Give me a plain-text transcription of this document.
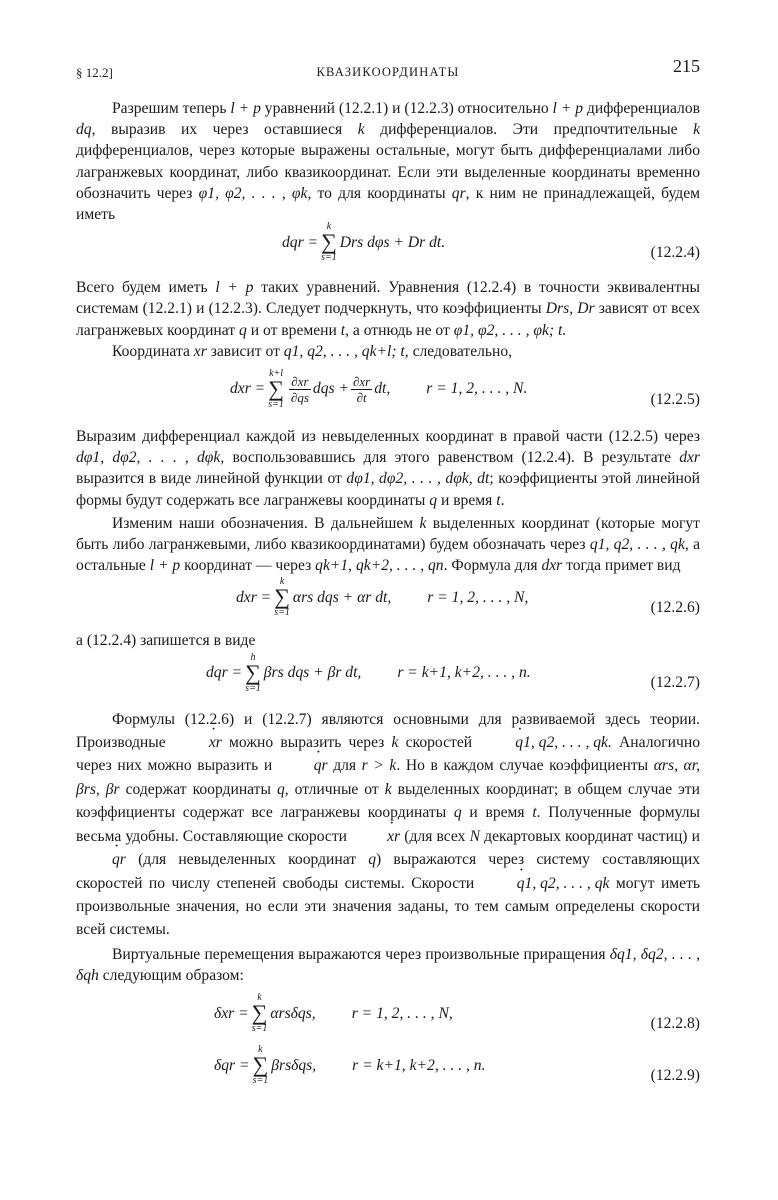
§ 12.2]	КВАЗИКООРДИНАТЫ	215

Разрешим теперь l + p уравнений (12.2.1) и (12.2.3) относительно l + p дифференциалов dq, выразив их через оставшиеся k дифференциалов. Эти предпочтительные k дифференциалов, через которые выражены остальные, могут быть дифференциалами либо лагранжевых координат, либо квазикоординат. Если эти выделенные координаты временно обозначить через φ1, φ2, . . . , φk, то для координаты qr, к ним не принадлежащей, будем иметь

dqr =
k
∑
s=1
Drs dφs + Dr dt.
(12.2.4)

Всего будем иметь l + p таких уравнений. Уравнения (12.2.4) в точности эквивалентны системам (12.2.1) и (12.2.3). Следует подчеркнуть, что коэффициенты Drs, Dr зависят от всех лагранжевых координат q и от времени t, а отнюдь не от φ1, φ2, . . . , φk; t.

Координата xr зависит от q1, q2, . . . , qk+l; t, следовательно,

dxr =
k+l
∑
$s=1 \frac{\partial xr}{\partial qs}$ dqs + $\frac{\partial xr}{\partial t}$ dt, r = 1, 2, . . . , N.
(12.2.5)

Выразим дифференциал каждой из невыделенных координат в правой части (12.2.5) через dφ1, dφ2, . . . , dφk, воспользовавшись для этого равенством (12.2.4). В результате dxr выразится в виде линейной функции от dφ1, dφ2, . . . , dφk, dt; коэффициенты этой линейной формы будут содержать все лагранжевы координаты q и время t.

Изменим наши обозначения. В дальнейшем k выделенных координат (которые могут быть либо лагранжевыми, либо квазикоординатами) будем обозначать через q1, q2, . . . , qk, а остальные l + p координат — через qk+1, qk+2, . . . , qn. Формула для dxr тогда примет вид

dxr =
k
∑
s=1
αrs dqs + αr dt, r = 1, 2, . . . , N,
(12.2.6)

а (12.2.4) запишется в виде

dqr =
h
∑
s=1
βrs dqs + βr dt, r = k+1, k+2, . . . , n.
(12.2.7)

Формулы (12.2.6) и (12.2.7) являются основными для развиваемой здесь теории. Производные	· xr можно выразить через k скоростей	· q1, q2, . . . , qk. Аналогично через них можно выразить и	· qr для r > k. Но в каждом случае коэффициенты αrs, αr, βrs, βr содержат координаты q, отличные от k выделенных координат; в общем случае эти коэффициенты содержат все лагранжевы координаты q и время t. Полученные формулы весьма удобны. Составляющие скорости	· xr (для всех N декартовых координат частиц) и · qr (для невыделенных координат q) выражаются через систему составляющих скоростей по числу степеней свободы системы. Скорости	· q1, q2, . . . , qk могут иметь произвольные значения, но если эти значения заданы, то тем самым определены скорости всей системы.

Виртуальные перемещения выражаются через произвольные приращения δq1, δq2, . . . , δqh следующим образом:

δxr =
k
∑
s=1
αrsδqs, r = 1, 2, . . . , N,
(12.2.8)
δqr =
k
∑
s=1
βrsδqs, r = k+1, k+2, . . . , n.
(12.2.9)
